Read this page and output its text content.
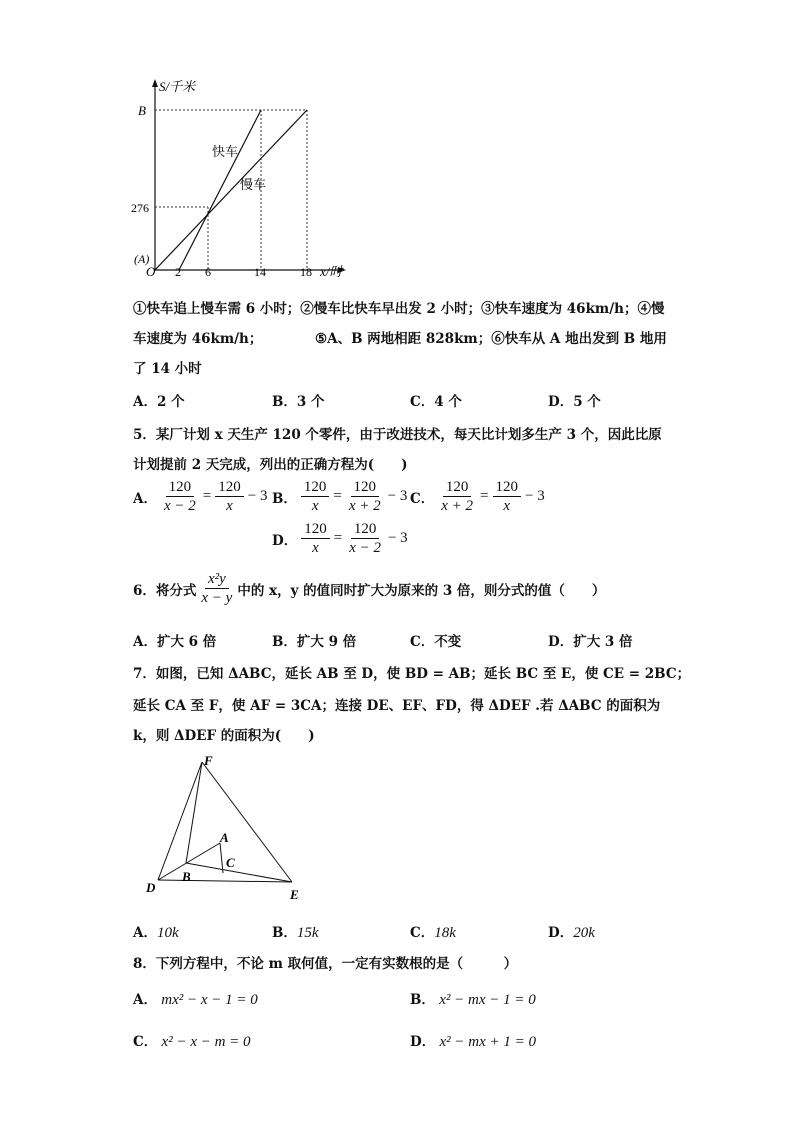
S/千米
B
276
(A)
O 2 6	14	18 x/时
快车
慢车
①快车追上慢车需 6 小时；②慢车比快车早出发 2 小时；③快车速度为 46km/h；④慢
车速度为 46km/h；	⑤A、B 两地相距 828km；⑥快车从 A 地出发到 B 地用
了 14 小时
A．2 个	B．3 个	C．4 个	D．5 个
5．某厂计划 x 天生产 120 个零件，由于改进技术，每天比计划多生产 3 个，因此比原
计划提前 2 天完成，列出的正确方程为(　　)
A． $\frac{120}{x - 2} = \frac{120}{x} - 3$ B． $\frac{120}{x} = \frac{120}{x + 2} - 3$ C． $\frac{120}{x + 2} = \frac{120}{x} - 3$
D． $\frac{120}{x} = \frac{120}{x - 2} - 3$
6．将分式 $\frac{\text{x²y}}{x - y}$ 中的 x，y 的值同时扩大为原来的 3 倍，则分式的值（　　）
A．扩大 6 倍	B．扩大 9 倍	C．不变	D．扩大 3 倍
7．如图，已知 ΔABC，延长 AB 至 D，使 BD = AB；延长 BC 至 E，使 CE = 2BC；
延长 CA 至 F，使 AF = 3CA；连接 DE、EF、FD，得 ΔDEF .若 ΔABC 的面积为
k，则 ΔDEF 的面积为(　　)
F
A
C
B
D	E
A．10k	B．15k	C．18k	D．20k
8．下列方程中，不论 m 取何值，一定有实数根的是（　　　）
A． mx² − x − 1 = 0	B． x² − mx − 1 = 0
C． x² − x − m = 0	D． x² − mx + 1 = 0
